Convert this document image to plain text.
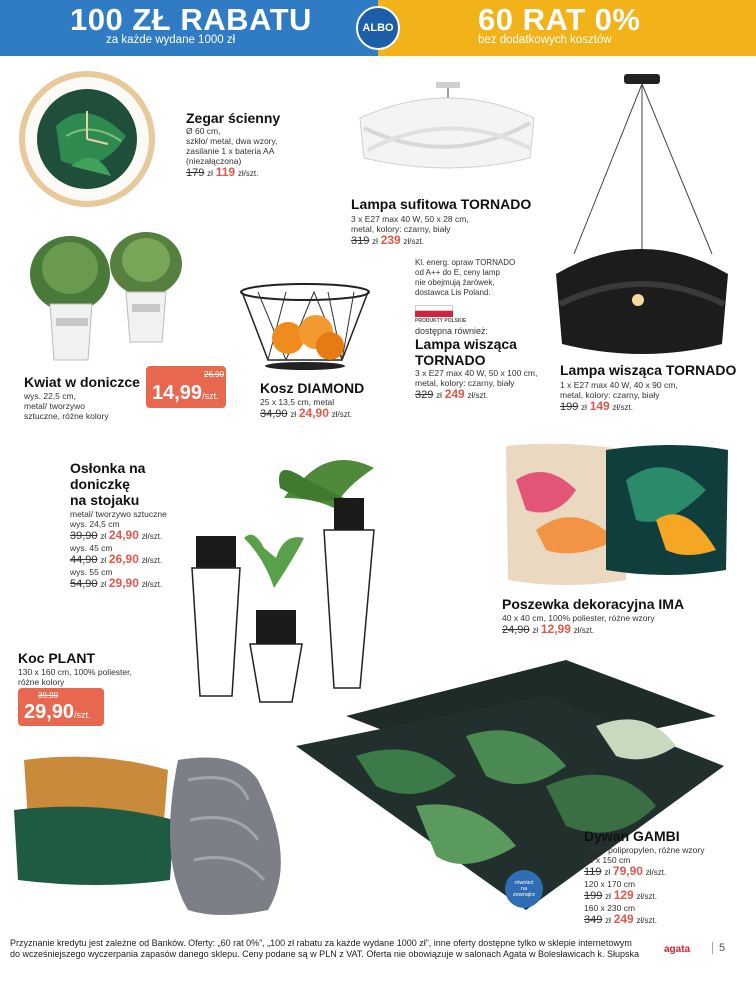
100 ZŁ RABATU
za każde wydane 1000 zł
60 RAT 0%
bez dodatkowych kosztów
ALBO
Zegar ścienny
Ø 60 cm,
szkło/ metal, dwa wzory,
zasilanie 1 x bateria AA
(niezałączona)
179 zł 119 zł/szt.
Lampa sufitowa TORNADO
3 x E27 max 40 W, 50 x 28 cm,
metal, kolory: czarny, biały
319 zł 239 zł/szt.
Kl. energ. opraw TORNADO
od A++ do E, ceny lamp
nie obejmują żarówek,
dostawca Lis Poland.
PRODUKTY POLSKIE
dostępna również:
Lampa wisząca
TORNADO
3 x E27 max 40 W, 50 x 100 cm,
metal, kolory: czarny, biały
329 zł 249 zł/szt.
Lampa wisząca TORNADO
1 x E27 max 40 W, 40 x 90 cm,
metal, kolory: czarny, biały
199 zł 149 zł/szt.
26,90
14,99/szt.
Kwiat w doniczce
wys. 22,5 cm,
metal/ tworzywo
sztuczne, różne kolory
Kosz DIAMOND
25 x 13,5 cm, metal
34,90 zł 24,90 zł/szt.
Osłonka na doniczkę
na stojaku
metal/ tworzywo sztuczne
wys. 24,5 cm
39,90 zł 24,90 zł/szt.
wys. 45 cm
44,90 zł 26,90 zł/szt.
wys. 55 cm
54,90 zł 29,90 zł/szt.
Poszewka dekoracyjna IMA
40 x 40 cm, 100% poliester, różne wzory
24,90 zł 12,99 zł/szt.
Koc PLANT
130 x 160 cm, 100% poliester,
różne kolory
39,90
29,90/szt.
Dywan GAMBI
100% polipropylen, różne wzory
80 x 150 cm
119 zł 79,90 zł/szt.
120 x 170 cm
199 zł 129 zł/szt.
160 x 230 cm
349 zł 249 zł/szt.
również
na
zewnątrz
Przyznanie kredytu jest zależne od Banków. Oferty: „60 rat 0%”, „100 zł rabatu za każde wydane 1000 zł”, inne oferty dostępne tylko w sklepie internetowym
do wcześniejszego wyczerpania zapasów danego sklepu. Ceny podane są w PLN z VAT. Oferta nie obowiązuje w salonach Agata w Bolesławicach k. Słupska	agata	5
